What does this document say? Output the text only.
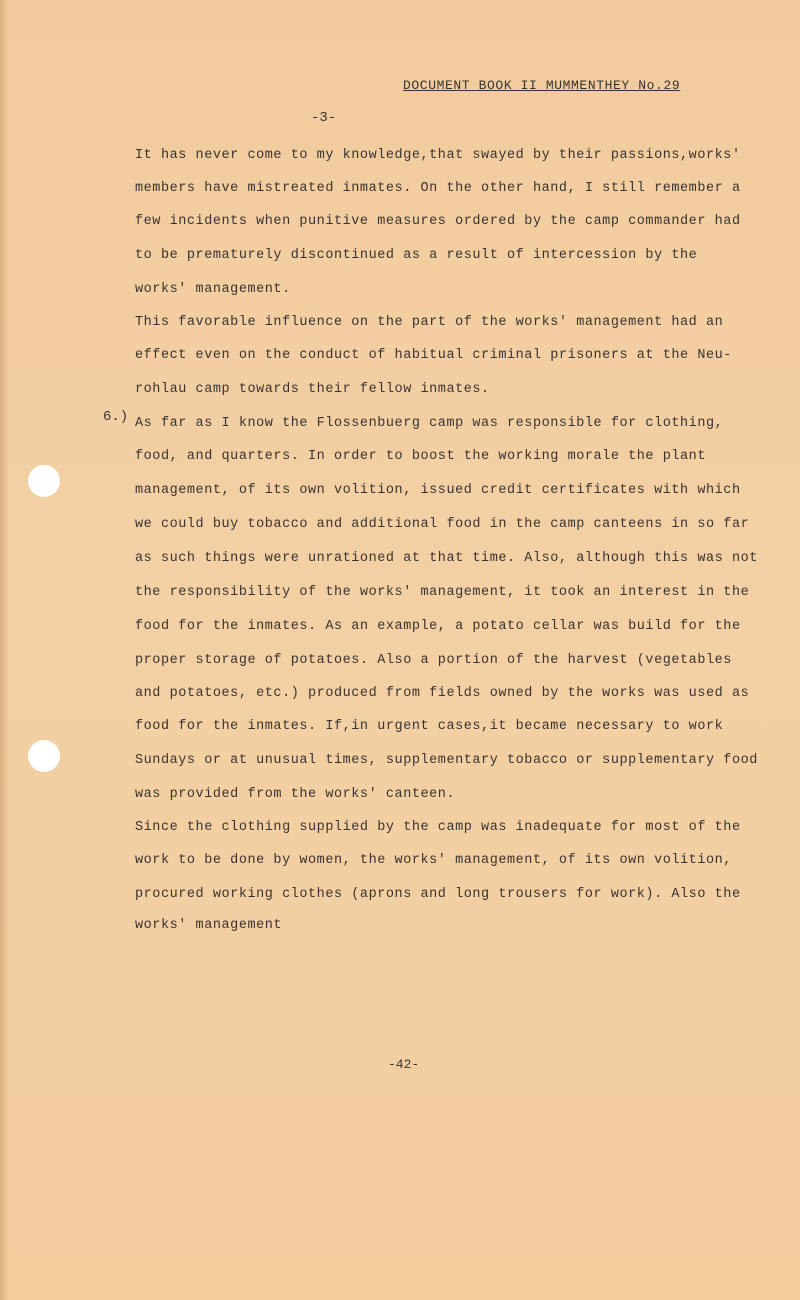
DOCUMENT BOOK II MUMMENTHEY No.29
-3-
It has never come to my knowledge,that swayed by their passions,works'
members have mistreated inmates. On the other hand, I still remember a
few incidents when punitive measures ordered by the camp commander had
to be prematurely discontinued as a result of intercession by the
works' management.
This favorable influence on the part of the works' management had an
effect even on the conduct of habitual criminal prisoners at the Neu-
rohlau camp towards their fellow inmates.
6.) As far as I know the Flossenbuerg camp was responsible for clothing,
food, and quarters. In order to boost the working morale the plant
management, of its own volition, issued credit certificates with which
we could buy tobacco and additional food in the camp canteens in so far
as such things were unrationed at that time. Also, although this was not
the responsibility of the works' management, it took an interest in the
food for the inmates. As an example, a potato cellar was build for the
proper storage of potatoes. Also a portion of the harvest (vegetables
and potatoes, etc.) produced from fields owned by the works was used as
food for the inmates. If,in urgent cases,it became necessary to work
Sundays or at unusual times, supplementary tobacco or supplementary food
was provided from the works' canteen.
Since the clothing supplied by the camp was inadequate for most of the
work to be done by women, the works' management, of its own volition,
procured working clothes (aprons and long trousers for work). Also the
works' management
-42-
